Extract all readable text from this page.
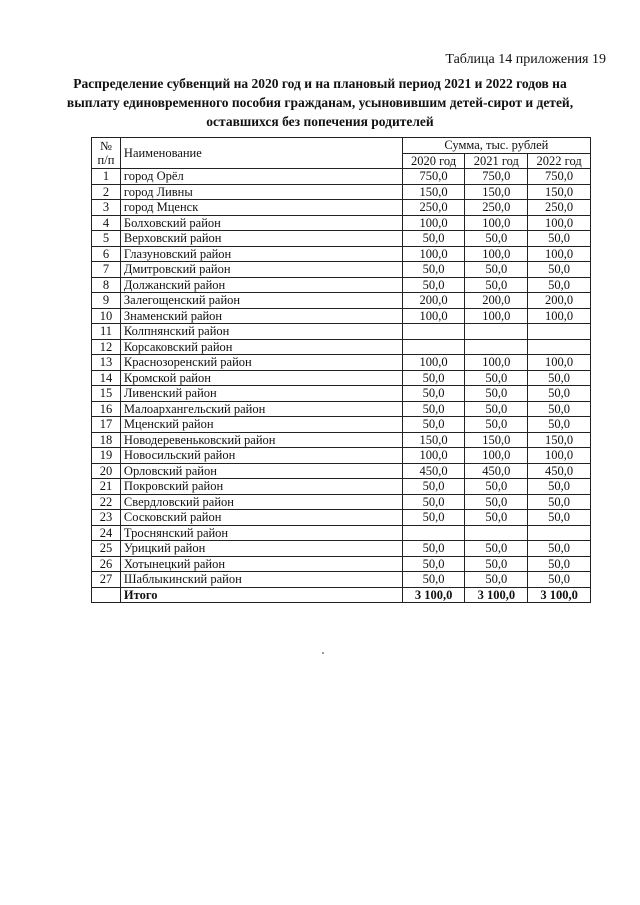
Таблица 14 приложения 19
Распределение субвенций на 2020 год и на плановый период 2021 и 2022 годов на выплату единовременного пособия гражданам, усыновившим детей-сирот и детей, оставшихся без попечения родителей
№ п/п	Наименование	Сумма, тыс. рублей		
		2020 год	2021 год	2022 год
1	город Орёл	750,0	750,0	750,0
2	город Ливны	150,0	150,0	150,0
3	город Мценск	250,0	250,0	250,0
4	Болховский район	100,0	100,0	100,0
5	Верховский район	50,0	50,0	50,0
6	Глазуновский район	100,0	100,0	100,0
7	Дмитровский район	50,0	50,0	50,0
8	Должанский район	50,0	50,0	50,0
9	Залегощенский район	200,0	200,0	200,0
10	Знаменский район	100,0	100,0	100,0
11	Колпнянский район			
12	Корсаковский район			
13	Краснозоренский район	100,0	100,0	100,0
14	Кромской район	50,0	50,0	50,0
15	Ливенский район	50,0	50,0	50,0
16	Малоархангельский район	50,0	50,0	50,0
17	Мценский район	50,0	50,0	50,0
18	Новодеревеньковский район	150,0	150,0	150,0
19	Новосильский район	100,0	100,0	100,0
20	Орловский район	450,0	450,0	450,0
21	Покровский район	50,0	50,0	50,0
22	Свердловский район	50,0	50,0	50,0
23	Сосковский район	50,0	50,0	50,0
24	Троснянский район			
25	Урицкий район	50,0	50,0	50,0
26	Хотынецкий район	50,0	50,0	50,0
27	Шаблыкинский район	50,0	50,0	50,0
	Итого	3 100,0	3 100,0	3 100,0
